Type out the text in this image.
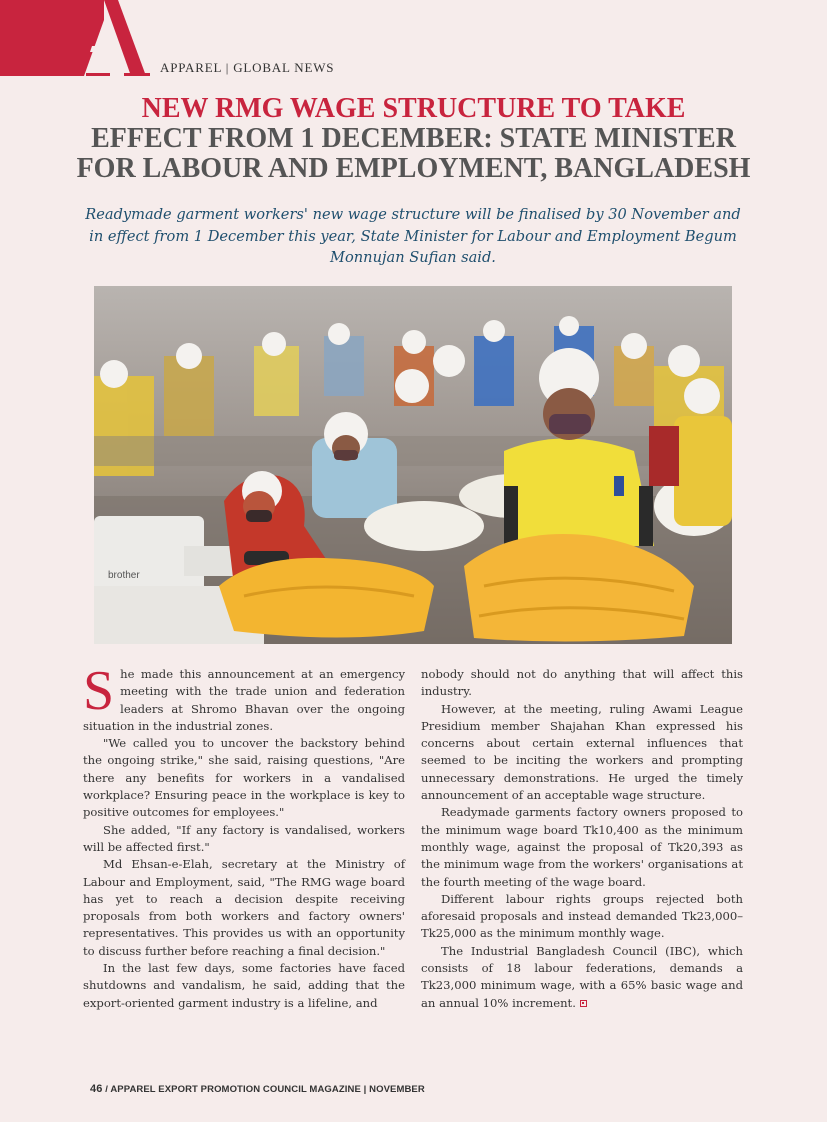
APPAREL | GLOBAL NEWS
NEW RMG WAGE STRUCTURE TO TAKE
EFFECT FROM 1 DECEMBER: STATE MINISTER
FOR LABOUR AND EMPLOYMENT, BANGLADESH
Readymade garment workers' new wage structure will be finalised by 30 November and in effect from 1 December this year, State Minister for Labour and Employment Begum Monnujan Sufian said.
brother

She made this announcement at an emergency meeting with the trade union and federation leaders at Shromo Bhavan over the ongoing situation in the industrial zones.

"We called you to uncover the backstory behind the ongoing strike," she said, raising questions, "Are there any benefits for workers in a vandalised workplace? Ensuring peace in the workplace is key to positive outcomes for employees."

She added, "If any factory is vandalised, workers will be affected first."

Md Ehsan-e-Elah, secretary at the Ministry of Labour and Employment, said, "The RMG wage board has yet to reach a decision despite receiving proposals from both workers and factory owners' representatives. This provides us with an opportunity to discuss further before reaching a final decision."

In the last few days, some factories have faced shutdowns and vandalism, he said, adding that the export-oriented garment industry is a lifeline, and

nobody should not do anything that will affect this industry.

However, at the meeting, ruling Awami League Presidium member Shajahan Khan expressed his concerns about certain external influences that seemed to be inciting the workers and prompting unnecessary demonstrations. He urged the timely announcement of an acceptable wage structure.

Readymade garments factory owners proposed to the minimum wage board Tk10,400 as the minimum monthly wage, against the proposal of Tk20,393 as the minimum wage from the workers' organisations at the fourth meeting of the wage board.

Different labour rights groups rejected both aforesaid proposals and instead demanded Tk23,000–Tk25,000 as the minimum monthly wage.

The Industrial Bangladesh Council (IBC), which consists of 18 labour federations, demands a Tk23,000 minimum wage, with a 65% basic wage and an annual 10% increment.

46 / APPAREL EXPORT PROMOTION COUNCIL MAGAZINE | NOVEMBER
